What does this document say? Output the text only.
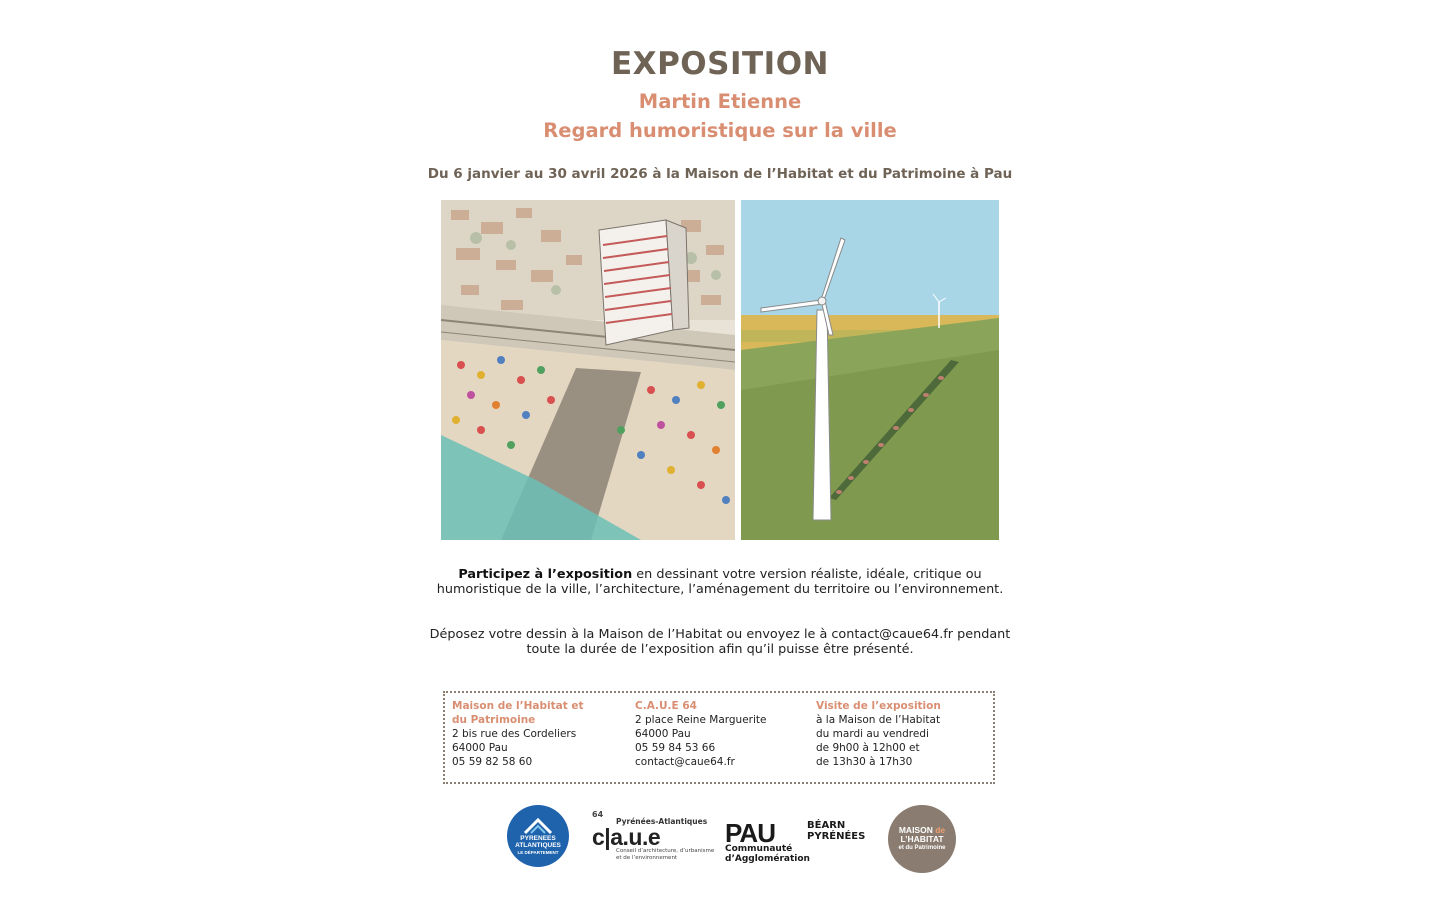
EXPOSITION
Martin Etienne
Regard humoristique sur la ville
Du 6 janvier au 30 avril 2026 à la Maison de l’Habitat et du Patrimoine à Pau
Participez à l’exposition en dessinant votre version réaliste, idéale, critique ou humoristique de la ville, l’architecture, l’aménagement du territoire ou l’environnement.
Déposez votre dessin à la Maison de l’Habitat ou envoyez le à contact@caue64.fr pendant toute la durée de l’exposition afin qu’il puisse être présenté.
Maison de l’Habitat et
du Patrimoine
2 bis rue des Cordeliers
64000 Pau
05 59 82 58 60
C.A.U.E 64
2 place Reine Marguerite
64000 Pau
05 59 84 53 66
contact@caue64.fr
Visite de l’exposition
à la Maison de l’Habitat
du mardi au vendredi
de 9h00 à 12h00 et
de 13h30 à 17h30
PYRENEES
ATLANTIQUES
LE DÉPARTEMENT
64
Pyrénées-Atlantiques
c|a.u.e
Conseil d’architecture, d’urbanisme et de l’environnement
PAU	BÉARN
PYRÉNÉES
Communauté d’Agglomération
MAISON de
L’HABITAT
et du Patrimoine
